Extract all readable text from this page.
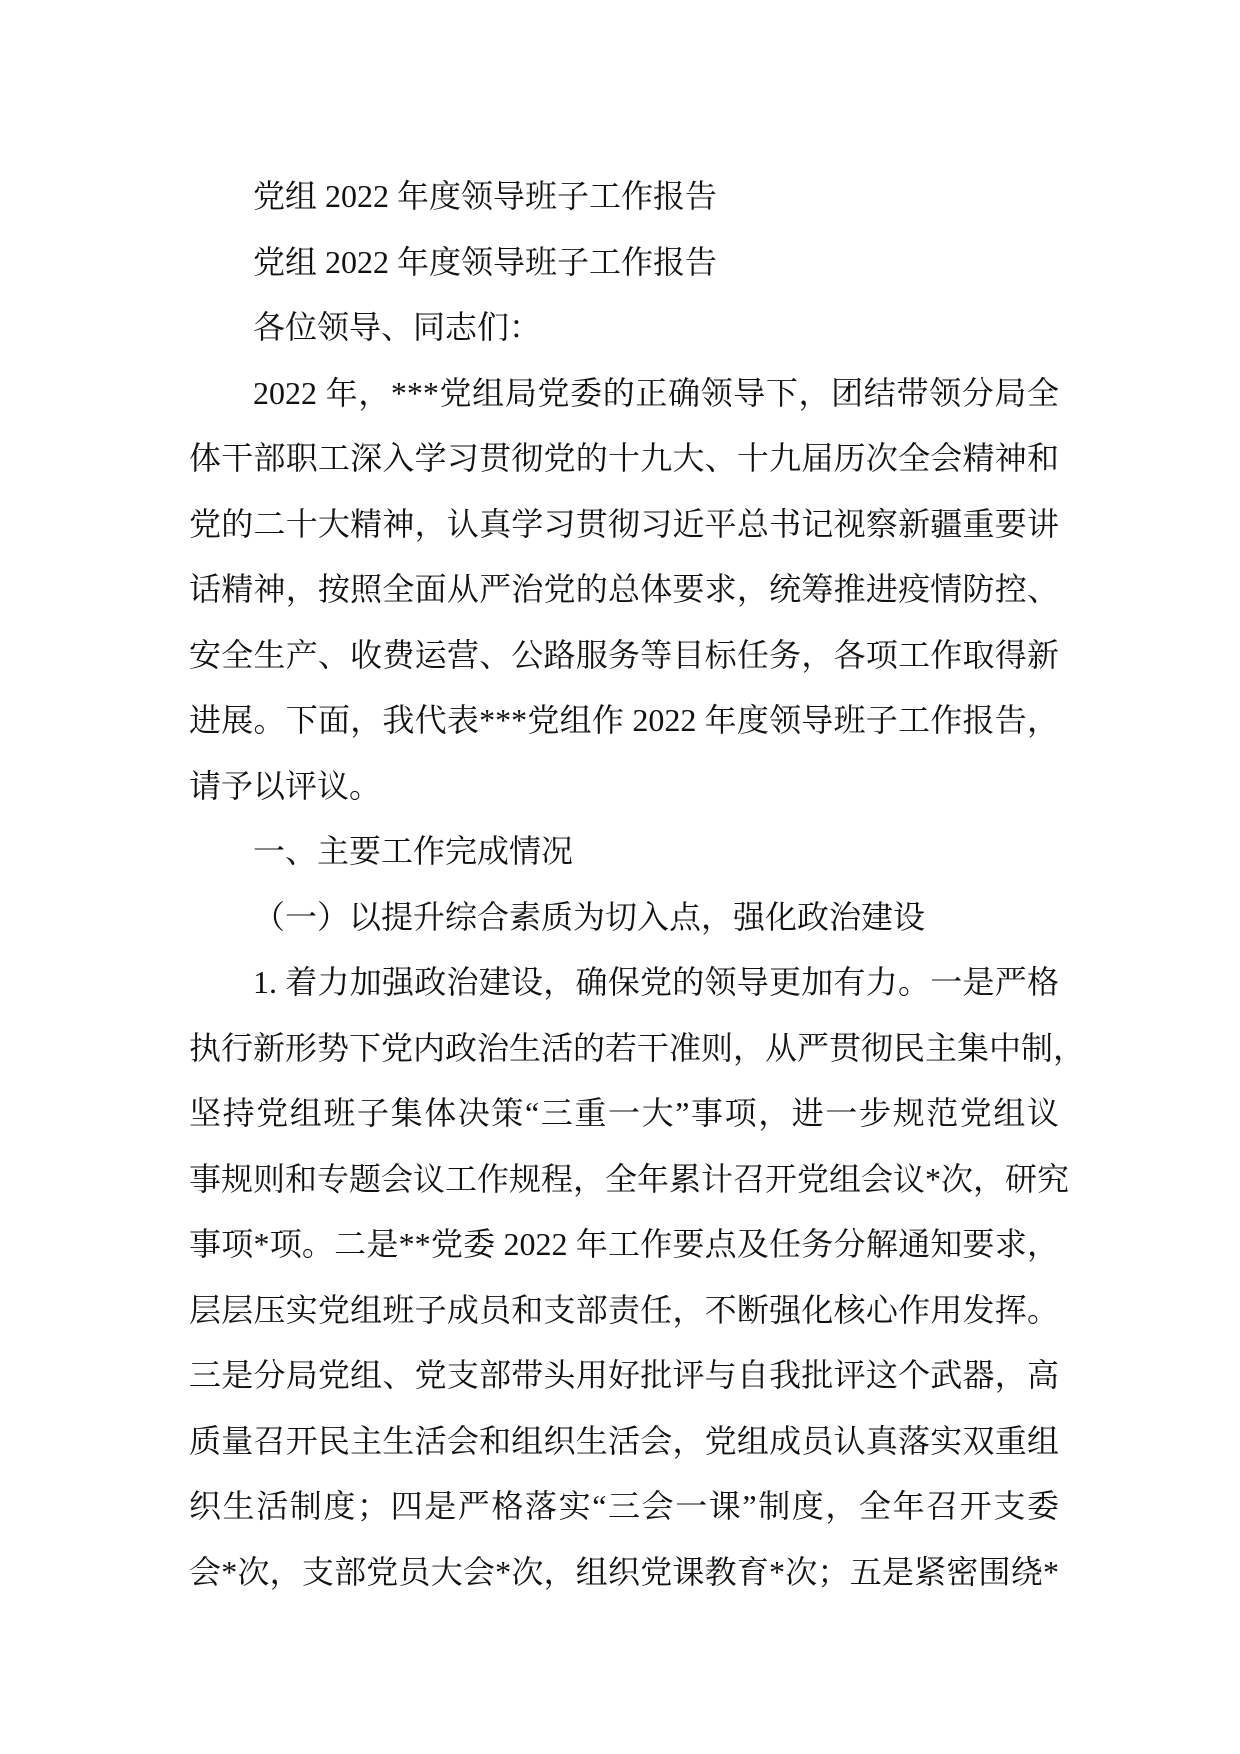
党组 2022 年度领导班子工作报告
党组 2022 年度领导班子工作报告
各位领导、同志们：
2022 年，***党组局党委的正确领导下，团结带领分局全
体干部职工深入学习贯彻党的十九大、十九届历次全会精神和
党的二十大精神，认真学习贯彻习近平总书记视察新疆重要讲
话精神，按照全面从严治党的总体要求，统筹推进疫情防控、
安全生产、收费运营、公路服务等目标任务，各项工作取得新
进展。下面，我代表***党组作 2022 年度领导班子工作报告，
请予以评议。
一、主要工作完成情况
（一）以提升综合素质为切入点，强化政治建设
1. 着力加强政治建设，确保党的领导更加有力。一是严格
执行新形势下党内政治生活的若干准则，从严贯彻民主集中制，
坚持党组班子集体决策“三重一大”事项，进一步规范党组议
事规则和专题会议工作规程，全年累计召开党组会议*次，研究
事项*项。二是**党委 2022 年工作要点及任务分解通知要求，
层层压实党组班子成员和支部责任，不断强化核心作用发挥。
三是分局党组、党支部带头用好批评与自我批评这个武器，高
质量召开民主生活会和组织生活会，党组成员认真落实双重组
织生活制度；四是严格落实“三会一课”制度，全年召开支委
会*次，支部党员大会*次，组织党课教育*次；五是紧密围绕*
